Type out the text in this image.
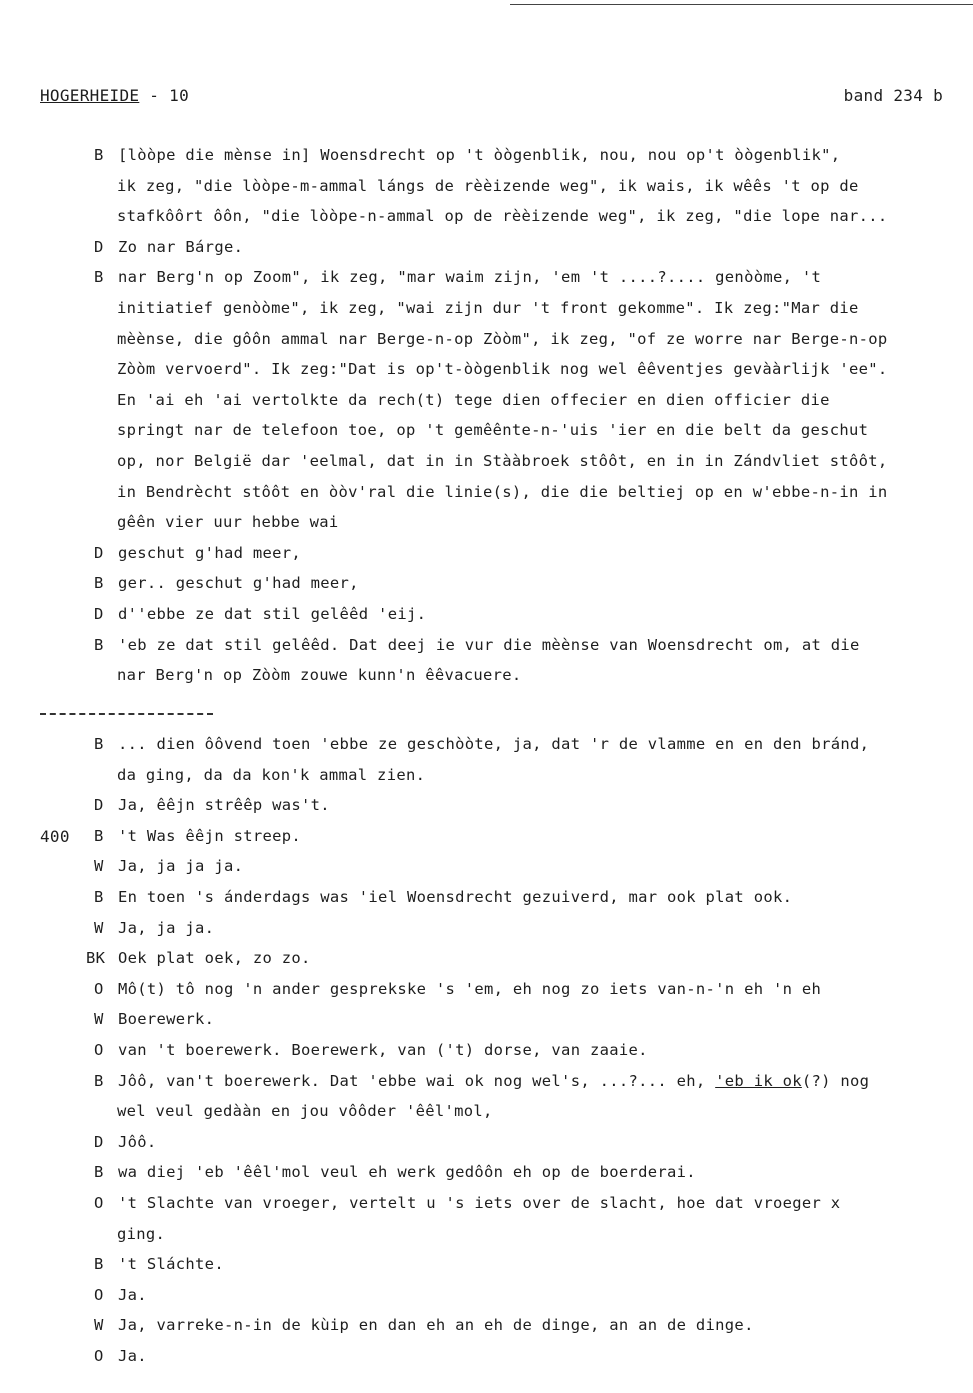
HOGERHEIDE - 10	band 234 b
B [lòòpe die mènse in] Woensdrecht op 't òògenblik, nou, nou op't òògenblik",
ik zeg, "die lòòpe-m-ammal lángs de rèèizende weg", ik wais, ik wêês 't op de
stafkôôrt ôôn, "die lòòpe-n-ammal op de rèèizende weg", ik zeg, "die lope nar...
D Zo nar Bárge.
B nar Berg'n op Zoom", ik zeg, "mar waim zijn, 'em 't ....?.... genòòme, 't
initiatief genòòme", ik zeg, "wai zijn dur 't front gekomme". Ik zeg:"Mar die
mèènse, die gôôn ammal nar Berge-n-op Zòòm", ik zeg, "of ze worre nar Berge-n-op
Zòòm vervoerd". Ik zeg:"Dat is op't-òògenblik nog wel êêventjes gevààrlijk 'ee".
En 'ai eh 'ai vertolkte da rech(t) tege dien offecier en dien officier die
springt nar de telefoon toe, op 't gemêênte-n-'uis 'ier en die belt da geschut
op, nor België dar 'eelmal, dat in in Stààbroek stôôt, en in in Zándvliet stôôt,
in Bendrècht stôôt en òòv'ral die linie(s), die die beltiej op en w'ebbe-n-in in
gêên vier uur hebbe wai
D geschut g'had meer,
B ger.. geschut g'had meer,
D d''ebbe ze dat stil gelêêd 'eij.
B 'eb ze dat stil gelêêd. Dat deej ie vur die mèènse van Woensdrecht om, at die
nar Berg'n op Zòòm zouwe kunn'n êêvacuere.
400
B ... dien ôôvend toen 'ebbe ze geschòòte, ja, dat 'r de vlamme en en den bránd,
da ging, da da kon'k ammal zien.
D Ja, êêjn strêêp was't.
B 't Was êêjn streep.
W Ja, ja ja ja.
B En toen 's ánderdags was 'iel Woensdrecht gezuiverd, mar ook plat ook.
W Ja, ja ja.
BK Oek plat oek, zo zo.
O Mô(t) tô nog 'n ander gesprekske 's 'em, eh nog zo iets van-n-'n eh 'n eh
W Boerewerk.
O van 't boerewerk. Boerewerk, van ('t) dorse, van zaaie.
B Jôô, van't boerewerk. Dat 'ebbe wai ok nog wel's, ...?... eh, 'eb ik ok(?) nog
wel veul gedààn en jou vôôder 'êêl'mol,
D Jôô.
B wa diej 'eb 'êêl'mol veul eh werk gedôôn eh op de boerderai.
O 't Slachte van vroeger, vertelt u 's iets over de slacht, hoe dat vroeger x
ging.
B 't Sláchte.
O Ja.
W Ja, varreke-n-in de kùip en dan eh an eh de dinge, an an de dinge.
O Ja.
